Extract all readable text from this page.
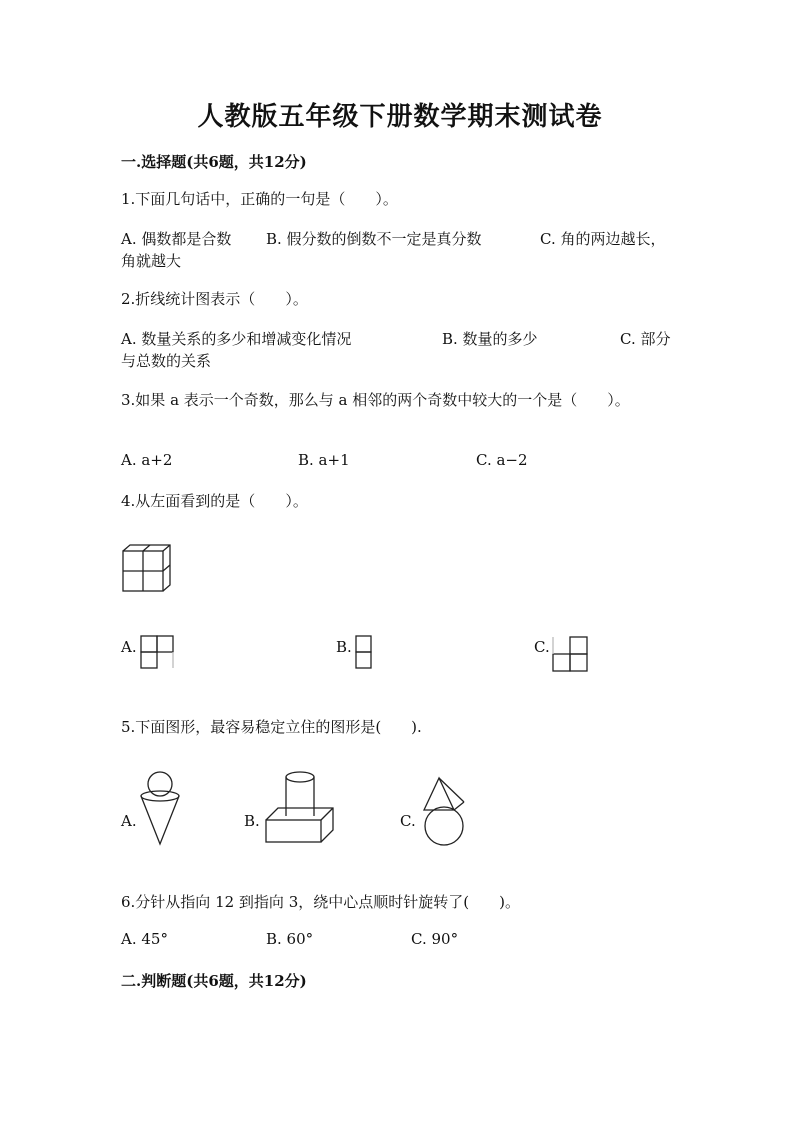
人教版五年级下册数学期末测试卷
一.选择题(共6题，共12分)
1.下面几句话中，正确的一句是（　　）。
A. 偶数都是合数 B. 假分数的倒数不一定是真分数	C. 角的两边越长，
角就越大
2.折线统计图表示（　　）。
A. 数量关系的多少和增减变化情况	B. 数量的多少	C. 部分
与总数的关系
3.如果 a 表示一个奇数，那么与 a 相邻的两个奇数中较大的一个是（　　）。
A. a+2	B. a+1	C. a−2
4.从左面看到的是（　　）。
A.	B.	C.
5.下面图形，最容易稳定立住的图形是(　　).
A.	B.	C.
6.分针从指向 12 到指向 3，绕中心点顺时针旋转了(　　)。
A. 45°	B. 60°	C. 90°
二.判断题(共6题，共12分)
